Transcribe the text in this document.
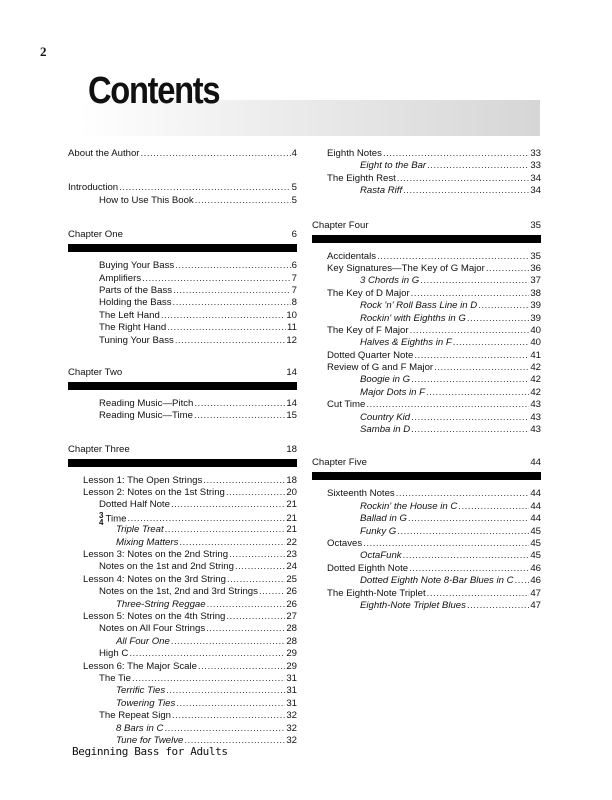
2
Contents
About the Author .....	4
Introduction .....	5
How to Use This Book .....	5
Chapter One	6
Buying Your Bass .....	6
Amplifiers .....	7
Parts of the Bass .....	7
Holding the Bass .....	8
The Left Hand .....	10
The Right Hand .....	11
Tuning Your Bass .....	12
Chapter Two	14
Reading Music—Pitch .....	14
Reading Music—Time .....	15
Chapter Three	18
Lesson 1: The Open Strings .....	18
Lesson 2: Notes on the 1st String .....	20
Dotted Half Note .....	21
3
4 Time .....	21
Triple Treat .....	21
Mixing Matters .....	22
Lesson 3: Notes on the 2nd String .....	23
Notes on the 1st and 2nd String .....	24
Lesson 4: Notes on the 3rd String .....	25
Notes on the 1st, 2nd and 3rd Strings .....	26
Three-String Reggae .....	26
Lesson 5: Notes on the 4th String .....	27
Notes on All Four Strings .....	28
All Four One .....	28
High C .....	29
Lesson 6: The Major Scale .....	29
The Tie .....	31
Terrific Ties .....	31
Towering Ties .....	31
The Repeat Sign .....	32
8 Bars in C .....	32
Tune for Twelve .....	32
Eighth Notes .....	33
Eight to the Bar .....	33
The Eighth Rest .....	34
Rasta Riff .....	34
Chapter Four	35
Accidentals .....	35
Key Signatures—The Key of G Major .....	36
3 Chords in G .....	37
The Key of D Major .....	38
Rock 'n' Roll Bass Line in D .....	39
Rockin' with Eighths in G .....	39
The Key of F Major .....	40
Halves & Eighths in F .....	40
Dotted Quarter Note .....	41
Review of G and F Major .....	42
Boogie in G .....	42
Major Dots in F .....	42
Cut Time .....	43
Country Kid .....	43
Samba in D .....	43
Chapter Five	44
Sixteenth Notes .....	44
Rockin' the House in C .....	44
Ballad in G .....	44
Funky G .....	45
Octaves .....	45
OctaFunk .....	45
Dotted Eighth Note .....	46
Dotted Eighth Note 8-Bar Blues in C ..... 46
The Eighth-Note Triplet .....	47
Eighth-Note Triplet Blues .....	47
Beginning Bass for Adults
